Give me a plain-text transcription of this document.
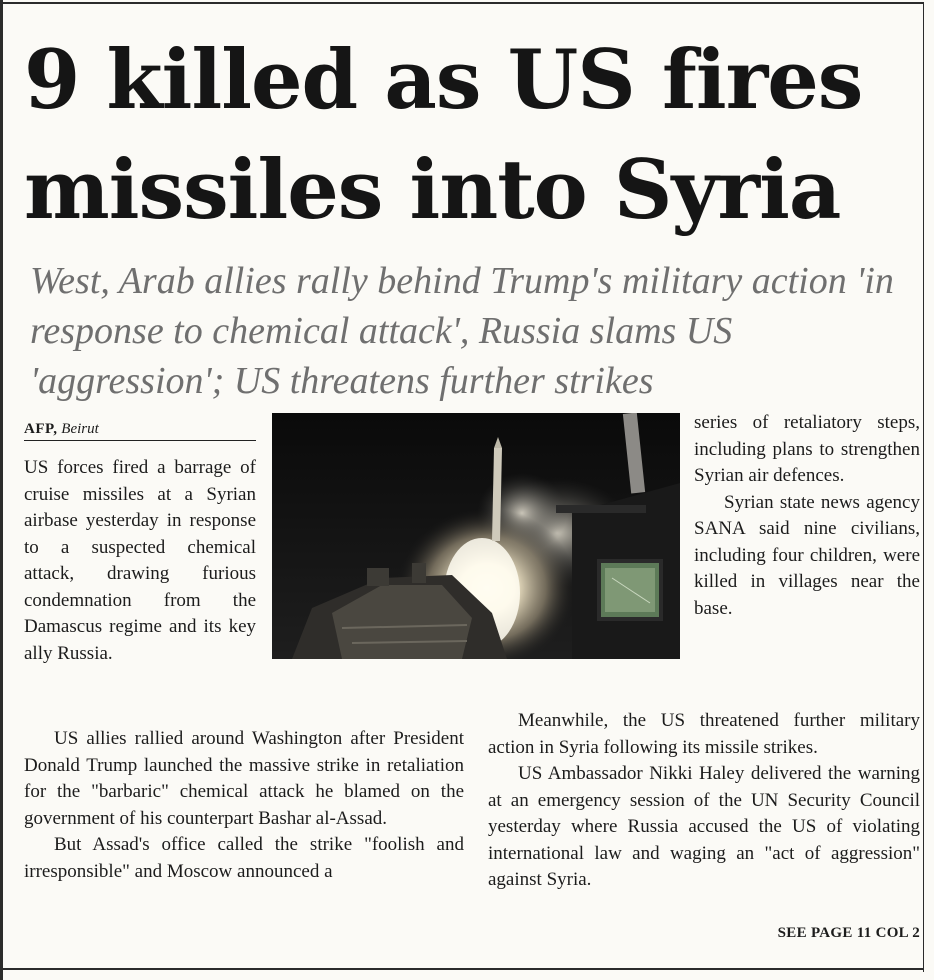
9 killed as US fires
missiles into Syria
West, Arab allies rally behind Trump's military action 'in response to chemical attack', Russia slams US 'aggression'; US threatens further strikes
AFP, Beirut

US forces fired a barrage of cruise missiles at a Syrian airbase yesterday in response to a suspected chemical attack, drawing furious condemnation from the Damascus regime and its key ally Russia.

US allies rallied around Washington after President Donald Trump launched the massive strike in retaliation for the "barbaric" chemical attack he blamed on the government of his counterpart Bashar al-Assad.

But Assad's office called the strike "foolish and irresponsible" and Moscow announced a

series of retaliatory steps, including plans to strengthen Syrian air defences.

Syrian state news agency SANA said nine civilians, including four children, were killed in villages near the base.

Meanwhile, the US threatened further military action in Syria following its missile strikes.

US Ambassador Nikki Haley delivered the warning at an emergency session of the UN Security Council yesterday where Russia accused the US of violating international law and waging an "act of aggression" against Syria.

SEE PAGE 11 COL 2
